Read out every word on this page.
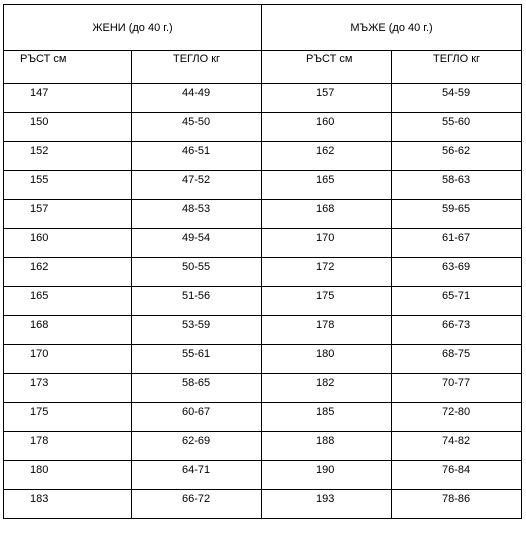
ЖЕНИ (до 40 г.)		МЪЖЕ (до 40 г.)	
РЪСТ см	ТЕГЛО кг	РЪСТ см	ТЕГЛО кг
147	44-49	157	54-59
150	45-50	160	55-60
152	46-51	162	56-62
155	47-52	165	58-63
157	48-53	168	59-65
160	49-54	170	61-67
162	50-55	172	63-69
165	51-56	175	65-71
168	53-59	178	66-73
170	55-61	180	68-75
173	58-65	182	70-77
175	60-67	185	72-80
178	62-69	188	74-82
180	64-71	190	76-84
183	66-72	193	78-86
